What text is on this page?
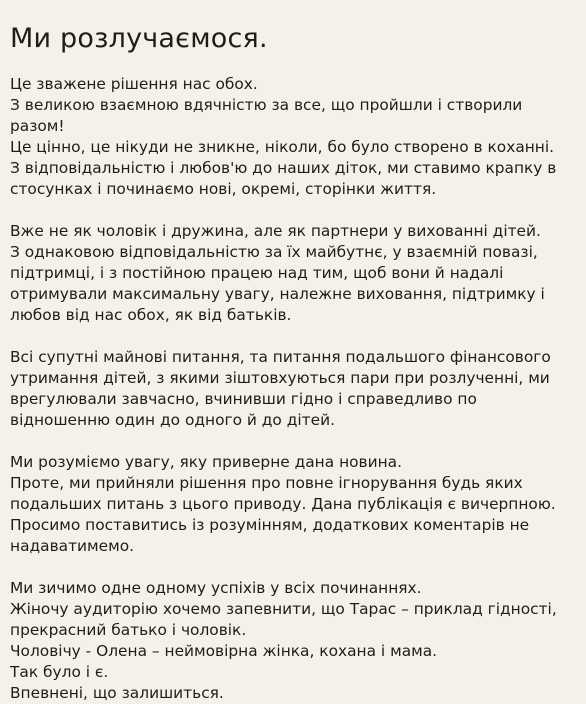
Ми розлучаємося.

Це зважене рішення нас обох.
З великою взаємною вдячністю за все, що пройшли і створили
разом!
Це цінно, це нікуди не зникне, ніколи, бо було створено в коханні.
З відповідальністю і любов'ю до наших діток, ми ставимо крапку в
стосунках і починаємо нові, окремі, сторінки життя.

Вже не як чоловік і дружина, але як партнери у вихованні дітей.
З однаковою відповідальністю за їх майбутнє, у взаємній повазі,
підтримці, і з постійною працею над тим, щоб вони й надалі
отримували максимальну увагу, належне виховання, підтримку і
любов від нас обох, як від батьків.

Всі супутні майнові питання, та питання подальшого фінансового
утримання дітей, з якими зіштовхуються пари при розлученні, ми
врегулювали завчасно, вчинивши гідно і справедливо по
відношенню один до одного й до дітей.

Ми розуміємо увагу, яку приверне дана новина.
Проте, ми прийняли рішення про повне ігнорування будь яких
подальших питань з цього приводу. Дана публікація є вичерпною.
Просимо поставитись із розумінням, додаткових коментарів не
надаватимемо.

Ми зичимо одне одному успіхів у всіх починаннях.
Жіночу аудиторію хочемо запевнити, що Тарас – приклад гідності,
прекрасний батько і чоловік.
Чоловічу - Олена – неймовірна жінка, кохана і мама.
Так було і є.
Впевнені, що залишиться.
